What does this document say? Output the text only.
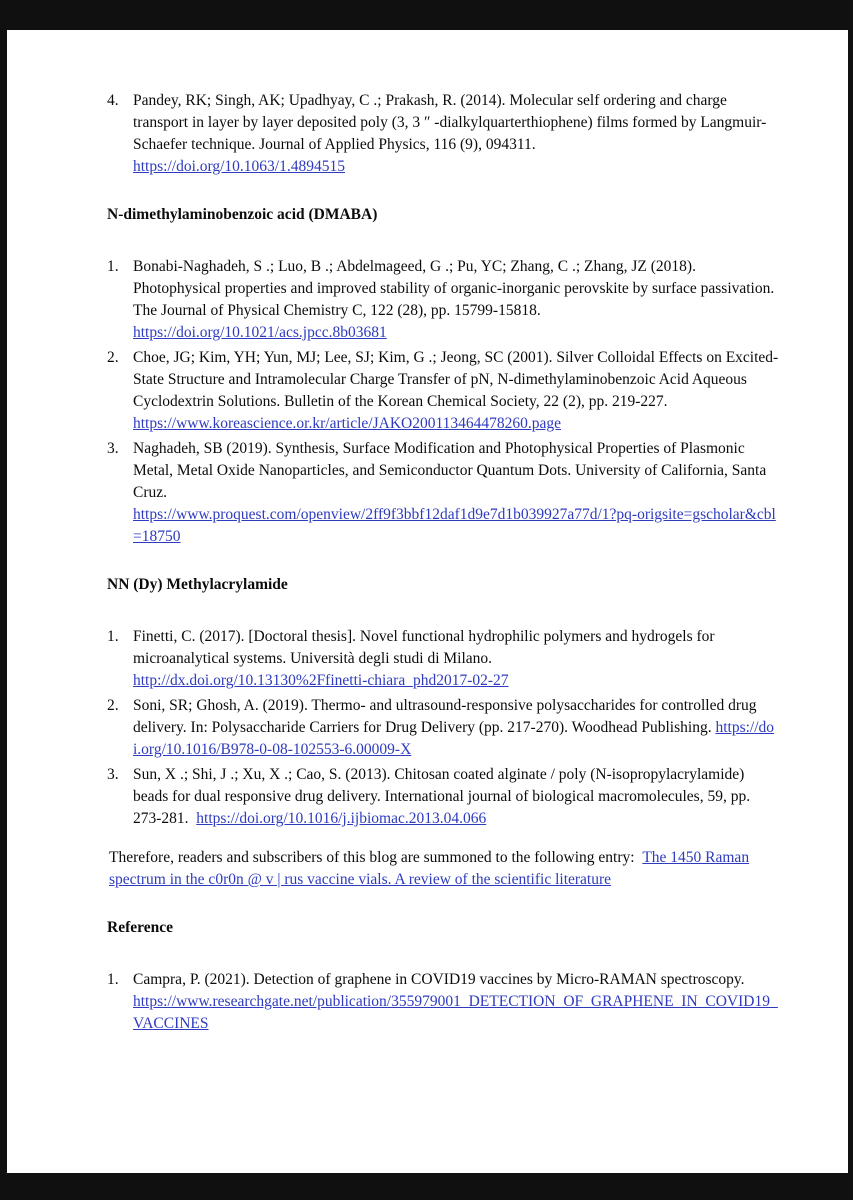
4. Pandey, RK; Singh, AK; Upadhyay, C .; Prakash, R. (2014). Molecular self ordering and charge transport in layer by layer deposited poly (3, 3 ″ -dialkylquarterthiophene) films formed by Langmuir-Schaefer technique. Journal of Applied Physics, 116 (9), 094311.
https://doi.org/10.1063/1.4894515
N-dimethylaminobenzoic acid (DMABA)
1. Bonabi-Naghadeh, S .; Luo, B .; Abdelmageed, G .; Pu, YC; Zhang, C .; Zhang, JZ (2018). Photophysical properties and improved stability of organic-inorganic perovskite by surface passivation. The Journal of Physical Chemistry C, 122 (28), pp. 15799-15818.
https://doi.org/10.1021/acs.jpcc.8b03681
2. Choe, JG; Kim, YH; Yun, MJ; Lee, SJ; Kim, G .; Jeong, SC (2001). Silver Colloidal Effects on Excited-State Structure and Intramolecular Charge Transfer of pN, N-dimethylaminobenzoic Acid Aqueous Cyclodextrin Solutions. Bulletin of the Korean Chemical Society, 22 (2), pp. 219-227.
https://www.koreascience.or.kr/article/JAKO200113464478260.page
3. Naghadeh, SB (2019). Synthesis, Surface Modification and Photophysical Properties of Plasmonic Metal, Metal Oxide Nanoparticles, and Semiconductor Quantum Dots. University of California, Santa Cruz.
https://www.proquest.com/openview/2ff9f3bbf12daf1d9e7d1b039927a77d/1?pq-origsite=gscholar&cbl=18750
NN (Dy) Methylacrylamide
1. Finetti, C. (2017). [Doctoral thesis]. Novel functional hydrophilic polymers and hydrogels for microanalytical systems. Università degli studi di Milano.
http://dx.doi.org/10.13130%2Ffinetti-chiara_phd2017-02-27
2. Soni, SR; Ghosh, A. (2019). Thermo- and ultrasound-responsive polysaccharides for controlled drug delivery. In: Polysaccharide Carriers for Drug Delivery (pp. 217-270). Woodhead Publishing. https://doi.org/10.1016/B978-0-08-102553-6.00009-X
3. Sun, X .; Shi, J .; Xu, X .; Cao, S. (2013). Chitosan coated alginate / poly (N-isopropylacrylamide) beads for dual responsive drug delivery. International journal of biological macromolecules, 59, pp. 273-281.  https://doi.org/10.1016/j.ijbiomac.2013.04.066
Therefore, readers and subscribers of this blog are summoned to the following entry:  The 1450 Raman spectrum in the c0r0n @ v | rus vaccine vials. A review of the scientific literature
Reference
1. Campra, P. (2021). Detection of graphene in COVID19 vaccines by Micro-RAMAN spectroscopy.
https://www.researchgate.net/publication/355979001_DETECTION_OF_GRAPHENE_IN_COVID19_VACCINES
